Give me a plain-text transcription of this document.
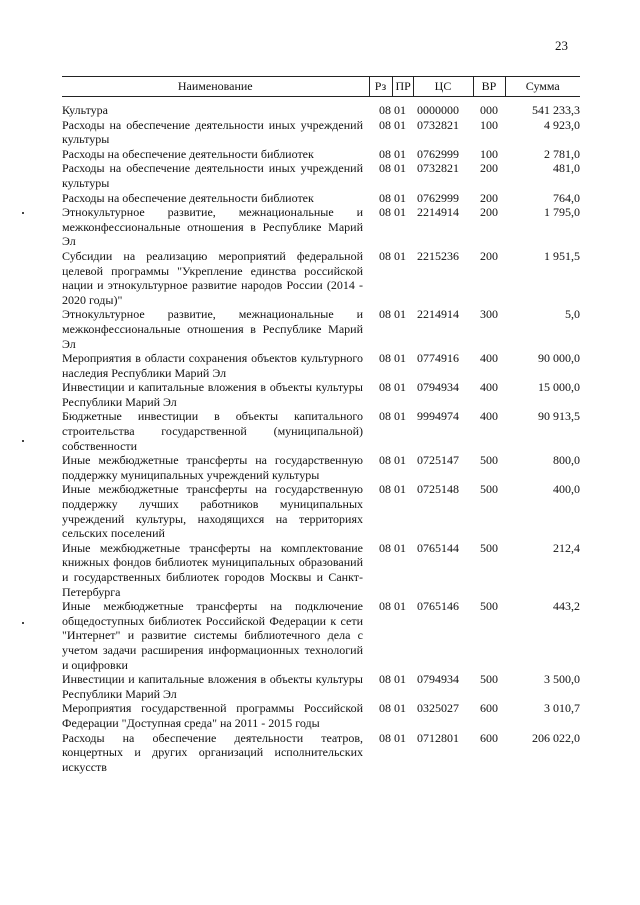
23
Наименование	Рз	ПР	ЦС	ВР	Сумма
Культура	08	01	0000000	000	541 233,3
Расходы на обеспечение деятельности иных учреждений культуры	08	01	0732821	100	4 923,0
Расходы на обеспечение деятельности библиотек	08	01	0762999	100	2 781,0
Расходы на обеспечение деятельности иных учреждений культуры	08	01	0732821	200	481,0
Расходы на обеспечение деятельности библиотек	08	01	0762999	200	764,0
Этнокультурное развитие, межнациональные и межконфессиональные отношения в Республике Марий Эл	08	01	2214914	200	1 795,0
Субсидии на реализацию мероприятий федеральной целевой программы "Укрепление единства российской нации и этнокультурное развитие народов России (2014 - 2020 годы)"	08	01	2215236	200	1 951,5
Этнокультурное развитие, межнациональные и межконфессиональные отношения в Республике Марий Эл	08	01	2214914	300	5,0
Мероприятия в области сохранения объектов культурного наследия Республики Марий Эл	08	01	0774916	400	90 000,0
Инвестиции и капитальные вложения в объекты культуры Республики Марий Эл	08	01	0794934	400	15 000,0
Бюджетные инвестиции в объекты капитального строительства государственной (муниципальной) собственности	08	01	9994974	400	90 913,5
Иные межбюджетные трансферты на государственную поддержку муниципальных учреждений культуры	08	01	0725147	500	800,0
Иные межбюджетные трансферты на государственную поддержку лучших работников муниципальных учреждений культуры, находящихся на территориях сельских поселений	08	01	0725148	500	400,0
Иные межбюджетные трансферты на комплектование книжных фондов библиотек муниципальных образований и государственных библиотек городов Москвы и Санкт-Петербурга	08	01	0765144	500	212,4
Иные межбюджетные трансферты на подключение общедоступных библиотек Российской Федерации к сети "Интернет" и развитие системы библиотечного дела с учетом задачи расширения информационных технологий и оцифровки	08	01	0765146	500	443,2
Инвестиции и капитальные вложения в объекты культуры Республики Марий Эл	08	01	0794934	500	3 500,0
Мероприятия государственной программы Российской Федерации "Доступная среда" на 2011 - 2015 годы	08	01	0325027	600	3 010,7
Расходы на обеспечение деятельности театров, концертных и других организаций исполнительских искусств	08	01	0712801	600	206 022,0
